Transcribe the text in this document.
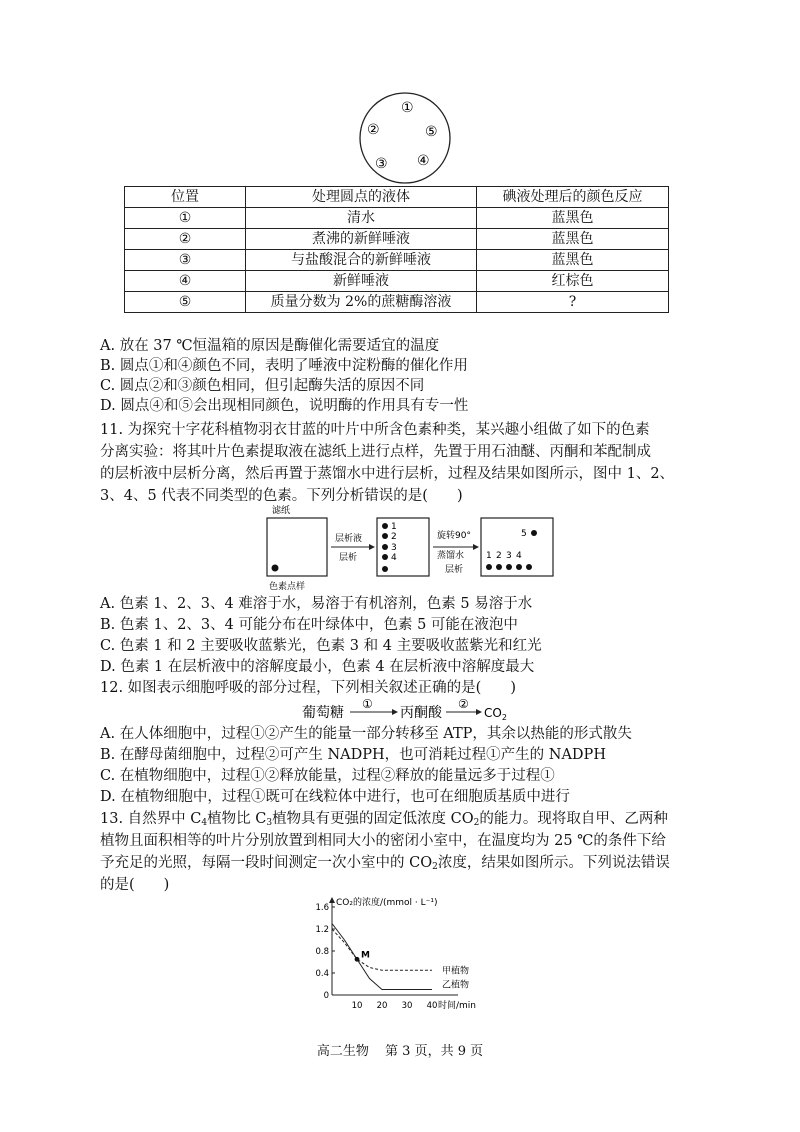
①
②	⑤
③ ④
位置	处理圆点的液体	碘液处理后的颜色反应
①	清水	蓝黑色
②	煮沸的新鲜唾液	蓝黑色
③	与盐酸混合的新鲜唾液	蓝黑色
④	新鲜唾液	红棕色
⑤	质量分数为 2%的蔗糖酶溶液	?
A. 放在 37 ℃恒温箱的原因是酶催化需要适宜的温度
B. 圆点①和④颜色不同，表明了唾液中淀粉酶的催化作用
C. 圆点②和③颜色相同，但引起酶失活的原因不同
D. 圆点④和⑤会出现相同颜色，说明酶的作用具有专一性
11. 为探究十字花科植物羽衣甘蓝的叶片中所含色素种类，某兴趣小组做了如下的色素
分离实验：将其叶片色素提取液在滤纸上进行点样，先置于用石油醚、丙酮和苯配制成
的层析液中层析分离，然后再置于蒸馏水中进行层析，过程及结果如图所示，图中 1、2、
3、4、5 代表不同类型的色素。下列分析错误的是(　　)
滤纸
色素点样
层析液
层析
1
2
3
4
旋转90°
蒸馏水
层析
5
1 2 3 4
A. 色素 1、2、3、4 难溶于水，易溶于有机溶剂，色素 5 易溶于水
B. 色素 1、2、3、4 可能分布在叶绿体中，色素 5 可能在液泡中
C. 色素 1 和 2 主要吸收蓝紫光，色素 3 和 4 主要吸收蓝紫光和红光
D. 色素 1 在层析液中的溶解度最小，色素 4 在层析液中溶解度最大
12. 如图表示细胞呼吸的部分过程，下列相关叙述正确的是(　　)
葡萄糖
①
丙酮酸
②
$CO_2$
A. 在人体细胞中，过程①②产生的能量一部分转移至 ATP，其余以热能的形式散失
B. 在酵母菌细胞中，过程②可产生 NADPH，也可消耗过程①产生的 NADPH
C. 在植物细胞中，过程①②释放能量，过程②释放的能量远多于过程①
D. 在植物细胞中，过程①既可在线粒体中进行，也可在细胞质基质中进行
13. 自然界中 $C_4$植物比 $C_3$植物具有更强的固定低浓度 $CO_2$的能力。现将取自甲、乙两种
植物且面积相等的叶片分别放置到相同大小的密闭小室中，在温度均为 25 ℃的条件下给
予充足的光照，每隔一段时间测定一次小室中的 $CO_2$浓度，结果如图所示。下列说法错误
的是(　　)
CO₂的浓度/(mmol · L⁻¹)
时间/min
0
0.4
0.8
1.2
1.6
10 20 30 40
甲植物
乙植物
M
高二生物 第 3 页，共 9 页
